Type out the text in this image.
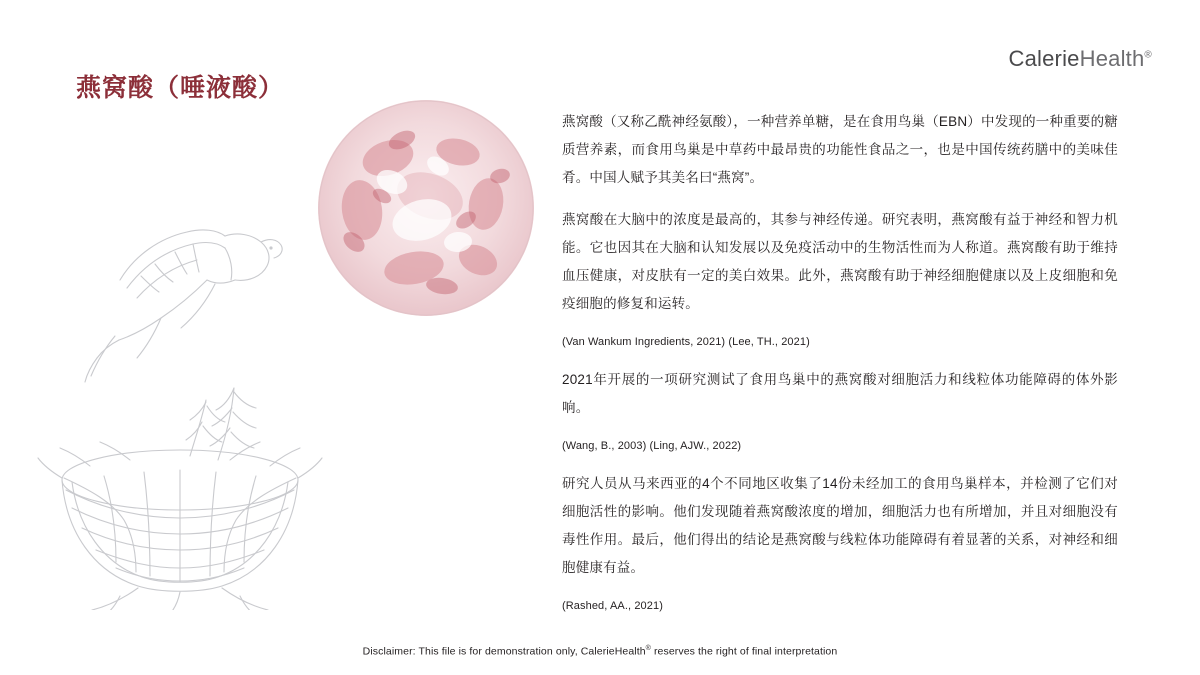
CalerieHealth®
燕窝酸（唾液酸）

燕窝酸（又称乙酰神经氨酸），一种营养单糖，是在食用鸟巢（EBN）中发现的一种重要的糖质营养素，而食用鸟巢是中草药中最昂贵的功能性食品之一，也是中国传统药膳中的美味佳肴。中国人赋予其美名曰“燕窝”。

燕窝酸在大脑中的浓度是最高的，其参与神经传递。研究表明，燕窝酸有益于神经和智力机能。它也因其在大脑和认知发展以及免疫活动中的生物活性而为人称道。燕窝酸有助于维持血压健康，对皮肤有一定的美白效果。此外，燕窝酸有助于神经细胞健康以及上皮细胞和免疫细胞的修复和运转。

(Van Wankum Ingredients, 2021) (Lee, TH., 2021)

2021年开展的一项研究测试了食用鸟巢中的燕窝酸对细胞活力和线粒体功能障碍的体外影响。

(Wang, B., 2003) (Ling, AJW., 2022)

研究人员从马来西亚的4个不同地区收集了14份未经加工的食用鸟巢样本，并检测了它们对细胞活性的影响。他们发现随着燕窝酸浓度的增加，细胞活力也有所增加，并且对细胞没有毒性作用。最后，他们得出的结论是燕窝酸与线粒体功能障碍有着显著的关系，对神经和细胞健康有益。

(Rashed, AA., 2021)

Disclaimer: This file is for demonstration only, CalerieHealth® reserves the right of final interpretation
